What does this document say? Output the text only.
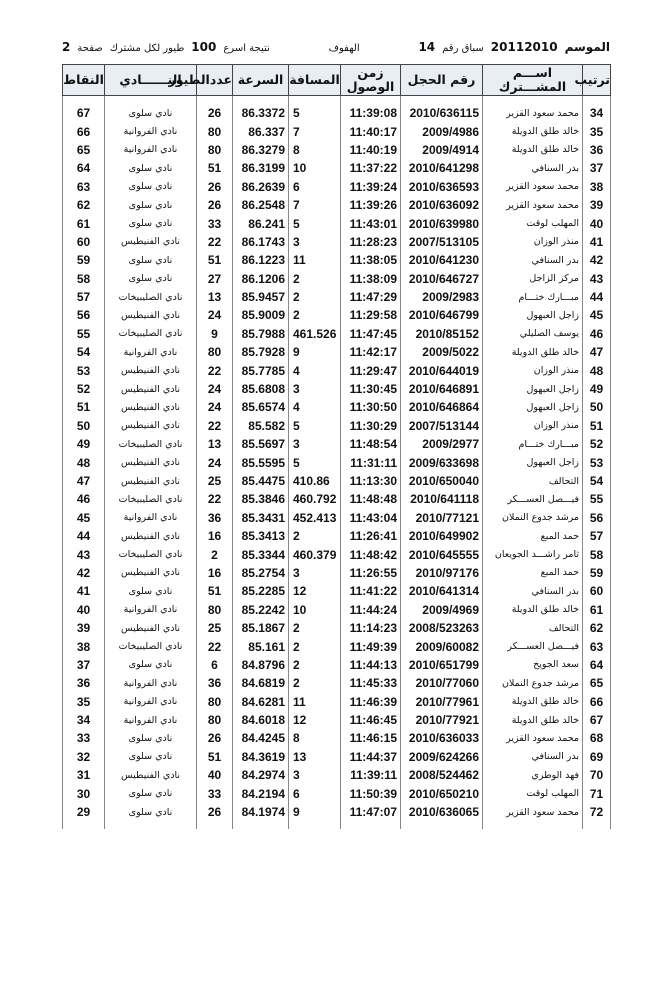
الموسم
20112010
سباق رقم
14
الهفوف
نتيجة اسرع
100
طيور لكل مشترك
صفحة
2
ترتيب	اســـم المشـــترك	رقم الحجل	زمن الوصول	المسافة	السرعة	عددالطيور	النــــــادي	النقاط

34	محمد سعود القزير	2010/636115	11:39:08	5	86.3372	26	نادي سلوى	67
35	خالد طلق الدويلة	2009/4986	11:40:17	7	86.337	80	نادي الفروانية	66
36	خالد طلق الدويلة	2009/4914	11:40:19	8	86.3279	80	نادي الفروانية	65
37	بدر السنافي	2010/641298	11:37:22	10	86.3199	51	نادي سلوى	64
38	محمد سعود القزير	2010/636593	11:39:24	6	86.2639	26	نادي سلوى	63
39	محمد سعود القزير	2010/636092	11:39:26	7	86.2548	26	نادي سلوى	62
40	المهلب لوقت	2010/639980	11:43:01	5	86.241	33	نادي سلوى	61
41	منذر الوزان	2007/513105	11:28:23	3	86.1743	22	نادي الفنيطيس	60
42	بدر السنافي	2010/641230	11:38:05	11	86.1223	51	نادي سلوى	59
43	مركز الزاجل	2010/646727	11:38:09	2	86.1206	27	نادي سلوى	58
44	مبـــارك ختـــام	2009/2983	11:47:29	2	85.9457	13	نادي الصليبيخات	57
45	زاجل العبهول	2010/646799	11:29:58	2	85.9009	24	نادي الفنيطيس	56
46	يوسف الصليلي	2010/85152	11:47:45	461.526	85.7988	9	نادي الصليبيخات	55
47	خالد طلق الدويلة	2009/5022	11:42:17	9	85.7928	80	نادي الفروانية	54
48	منذر الوزان	2010/644019	11:29:47	4	85.7785	22	نادي الفنيطيس	53
49	زاجل العبهول	2010/646891	11:30:45	3	85.6808	24	نادي الفنيطيس	52
50	زاجل العبهول	2010/646864	11:30:50	4	85.6574	24	نادي الفنيطيس	51
51	منذر الوزان	2007/513144	11:30:29	5	85.582	22	نادي الفنيطيس	50
52	مبـــارك ختـــام	2009/2977	11:48:54	3	85.5697	13	نادي الصليبيخات	49
53	زاجل العبهول	2009/633698	11:31:11	5	85.5595	24	نادي الفنيطيس	48
54	التحالف	2010/650040	11:13:30	410.86	85.4475	25	نادي الفنيطيس	47
55	فيـــصل العســـكر	2010/641118	11:48:48	460.792	85.3846	22	نادي الصليبيخات	46
56	مرشد جدوع النملان	2010/77121	11:43:04	452.413	85.3431	36	نادي الفروانية	45
57	حمد المبع	2010/649902	11:26:41	2	85.3413	16	نادي الفنيطيس	44
58	ثامر راشـــد الجويعان	2010/645555	11:48:42	460.379	85.3344	2	نادي الصليبيخات	43
59	حمد المبع	2010/97176	11:26:55	3	85.2754	16	نادي الفنيطيس	42
60	بدر السنافي	2010/641314	11:41:22	12	85.2285	51	نادي سلوى	41
61	خالد طلق الدويلة	2009/4969	11:44:24	10	85.2242	80	نادي الفروانية	40
62	التحالف	2008/523263	11:14:23	2	85.1867	25	نادي الفنيطيس	39
63	فيـــصل العســـكر	2009/60082	11:49:39	2	85.161	22	نادي الصليبيخات	38
64	سعد الجويخ	2010/651799	11:44:13	2	84.8796	6	نادي سلوى	37
65	مرشد جدوع النملان	2010/77060	11:45:33	2	84.6819	36	نادي الفروانية	36
66	خالد طلق الدويلة	2010/77961	11:46:39	11	84.6281	80	نادي الفروانية	35
67	خالد طلق الدويلة	2010/77921	11:46:45	12	84.6018	80	نادي الفروانية	34
68	محمد سعود القزير	2010/636033	11:46:15	8	84.4245	26	نادي سلوى	33
69	بدر السنافي	2009/624266	11:44:37	13	84.3619	51	نادي سلوى	32
70	فهد الوطري	2008/524462	11:39:11	3	84.2974	40	نادي الفنيطيس	31
71	المهلب لوقت	2010/650210	11:50:39	6	84.2194	33	نادي سلوى	30
72	محمد سعود القزير	2010/636065	11:47:07	9	84.1974	26	نادي سلوى	29
